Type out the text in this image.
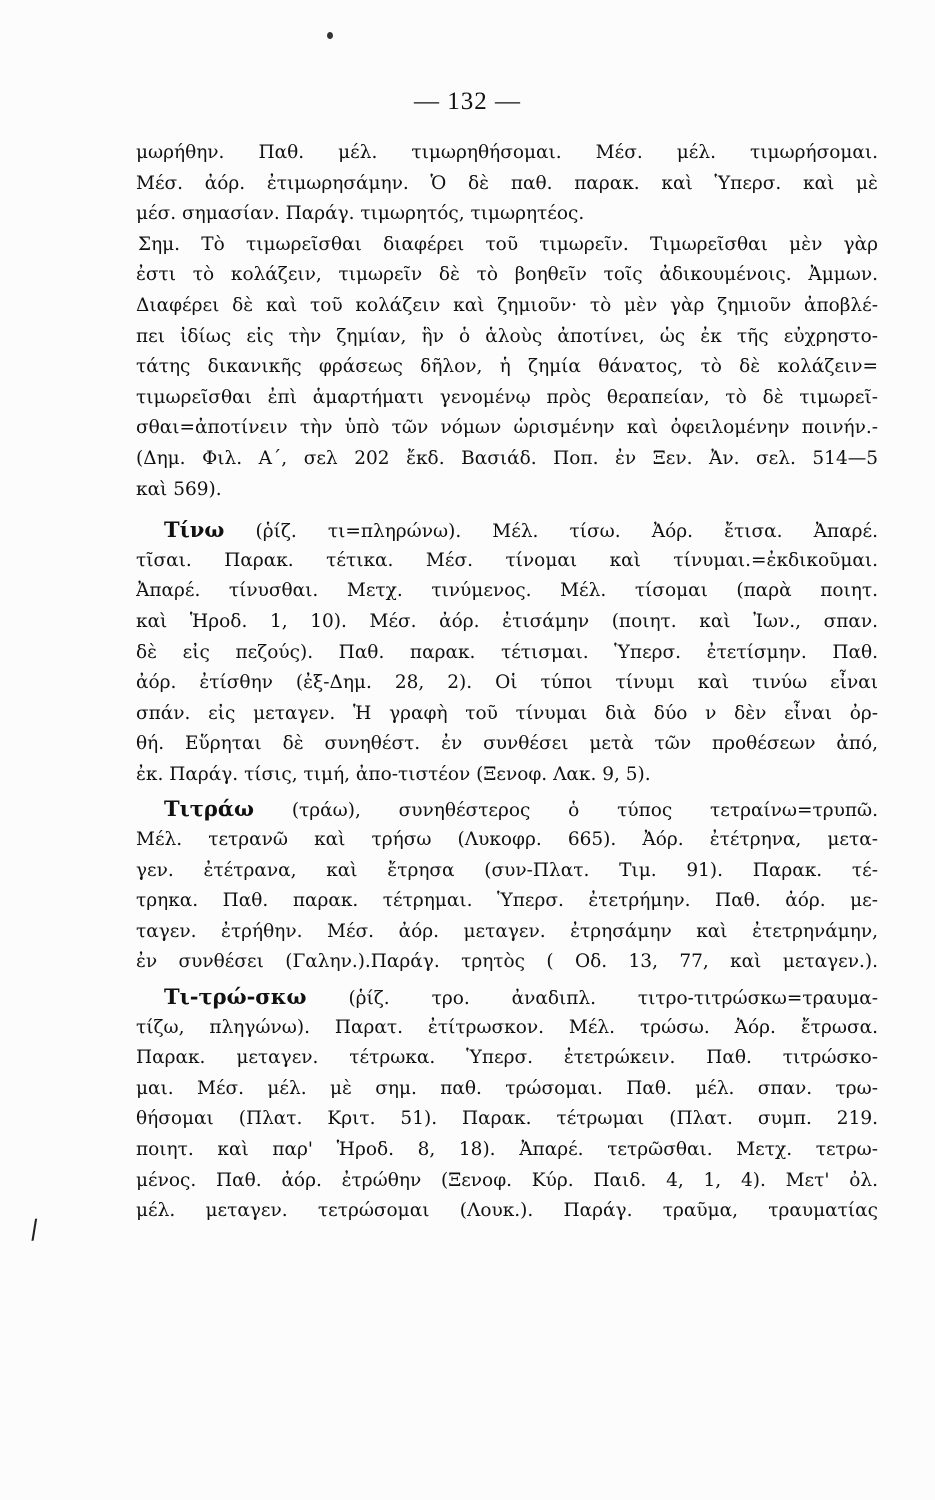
— 132 —
μωρήθην. Παθ. μέλ. τιμωρηθήσομαι. Μέσ. μέλ. τιμωρήσομαι.
Μέσ. ἀόρ. ἐτιμωρησάμην. Ὁ δὲ παθ. παρακ. καὶ Ὑπερσ. καὶ μὲ
μέσ. σημασίαν. Παράγ. τιμωρητός, τιμωρητέος.
Σημ. Τὸ τιμωρεῖσθαι διαφέρει τοῦ τιμωρεῖν. Τιμωρεῖσθαι μὲν γὰρ
ἐστι τὸ κολάζειν, τιμωρεῖν δὲ τὸ βοηθεῖν τοῖς ἀδικουμένοις. Ἀμμων.
Διαφέρει δὲ καὶ τοῦ κολάζειν καὶ ζημιοῦν· τὸ μὲν γὰρ ζημιοῦν ἀποβλέ-
πει ἰδίως εἰς τὴν ζημίαν, ἣν ὁ ἁλοὺς ἀποτίνει, ὡς ἐκ τῆς εὐχρηστο-
τάτης δικανικῆς φράσεως δῆλον, ἡ ζημία θάνατος, τὸ δὲ κολάζειν=
τιμωρεῖσθαι ἐπὶ ἁμαρτήματι γενομένῳ πρὸς θεραπείαν, τὸ δὲ τιμωρεῖ-
σθαι=ἀποτίνειν τὴν ὑπὸ τῶν νόμων ὡρισμένην καὶ ὀφειλομένην ποινήν.-
(Δημ. Φιλ. Α΄, σελ 202 ἔκδ. Βασιάδ. Ποπ. ἐν Ξεν. Ἀν. σελ. 514—5
καὶ 569).
Τίνω (ῥίζ. τι=πληρώνω). Μέλ. τίσω. Ἀόρ. ἔτισα. Ἀπαρέ.
τῖσαι. Παρακ. τέτικα. Μέσ. τίνομαι καὶ τίνυμαι.=ἐκδικοῦμαι.
Ἀπαρέ. τίνυσθαι. Μετχ. τινύμενος. Μέλ. τίσομαι (παρὰ ποιητ.
καὶ Ἡροδ. 1, 10). Μέσ. ἀόρ. ἐτισάμην (ποιητ. καὶ Ἰων., σπαν.
δὲ εἰς πεζούς). Παθ. παρακ. τέτισμαι. Ὑπερσ. ἐτετίσμην. Παθ.
ἀόρ. ἐτίσθην (ἐξ-Δημ. 28, 2). Οἱ τύποι τίνυμι καὶ τινύω εἶναι
σπάν. εἰς μεταγεν. Ἡ γραφὴ τοῦ τίνυμαι διὰ δύο ν δὲν εἶναι ὀρ-
θή. Εὕρηται δὲ συνηθέστ. ἐν συνθέσει μετὰ τῶν προθέσεων ἀπό,
ἐκ. Παράγ. τίσις, τιμή, ἀπο-τιστέον (Ξενοφ. Λακ. 9, 5).
Τιτράω (τράω), συνηθέστερος ὁ τύπος τετραίνω=τρυπῶ.
Μέλ. τετρανῶ καὶ τρήσω (Λυκοφρ. 665). Ἀόρ. ἐτέτρηνα, μετα-
γεν. ἐτέτρανα, καὶ ἔτρησα (συν-Πλατ. Τιμ. 91). Παρακ. τέ-
τρηκα. Παθ. παρακ. τέτρημαι. Ὑπερσ. ἐτετρήμην. Παθ. ἀόρ. με-
ταγεν. ἐτρήθην. Μέσ. ἀόρ. μεταγεν. ἐτρησάμην καὶ ἐτετρηνάμην,
ἐν συνθέσει (Γαλην.).Παράγ. τρητὸς ( Οδ. 13, 77, καὶ μεταγεν.).
Τι-τρώ-σκω (ῥίζ. τρο. ἀναδιπλ. τιτρο-τιτρώσκω=τραυμα-
τίζω, πληγώνω). Παρατ. ἐτίτρωσκον. Μέλ. τρώσω. Ἀόρ. ἔτρωσα.
Παρακ. μεταγεν. τέτρωκα. Ὑπερσ. ἐτετρώκειν. Παθ. τιτρώσκο-
μαι. Μέσ. μέλ. μὲ σημ. παθ. τρώσομαι. Παθ. μέλ. σπαν. τρω-
θήσομαι (Πλατ. Κριτ. 51). Παρακ. τέτρωμαι (Πλατ. συμπ. 219.
ποιητ. καὶ παρ' Ἡροδ. 8, 18). Ἀπαρέ. τετρῶσθαι. Μετχ. τετρω-
μένος. Παθ. ἀόρ. ἐτρώθην (Ξενοφ. Κύρ. Παιδ. 4, 1, 4). Μετ' ὀλ.
μέλ. μεταγεν. τετρώσομαι (Λουκ.). Παράγ. τραῦμα, τραυματίας
/
